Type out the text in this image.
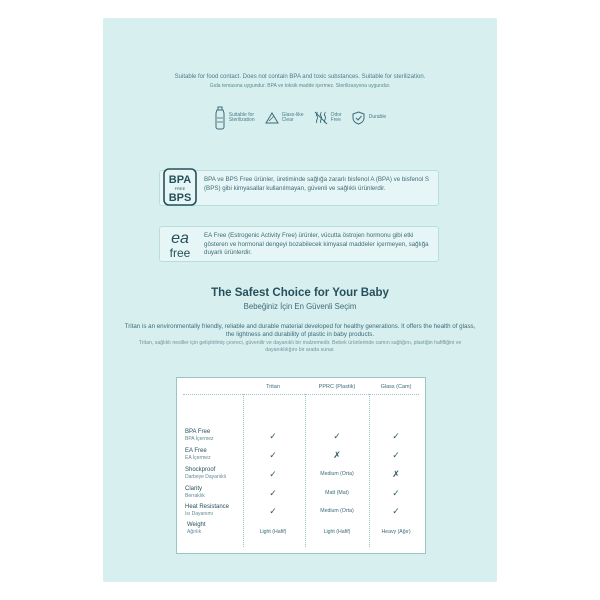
Suitable for food contact. Does not contain BPA and toxic substances. Suitable for sterilization.
Gıda temasına uygundur. BPA ve toksik madde içermez. Sterilizasyona uygundur.
Suitable for
Sterilization
Glass-like
Clear
Odor
Free	Durable
BPA
FREE
BPS
BPA ve BPS Free ürünler, üretiminde sağlığa zararlı bisfenol A (BPA) ve bisfenol S (BPS) gibi kimyasallar kullanılmayan, güvenli ve sağlıklı ürünlerdir.
ea
free
EA Free (Estrogenic Activity Free) ürünler, vücutta östrojen hormonu gibi etki gösteren ve hormonal dengeyi bozabilecek kimyasal maddeler içermeyen, sağlığa duyarlı ürünlerdir.
The Safest Choice for Your Baby
Bebeğiniz İçin En Güvenli Seçim
Tritan is an environmentally friendly, reliable and durable material developed for healthy generations. It offers the health of glass, the lightness and durability of plastic in baby products.
Tritan, sağlıklı nesiller için geliştirilmiş çevreci, güvenilir ve dayanıklı bir malzemedir. Bebek ürünlerinde camın sağlığını, plastiğin hafifliğini ve dayanıklılığını bir arada sunar.
Tritan	PPRC (Plastik)	Glass (Cam)
BPA Free
BPA İçermez	✓	✓	✓
EA Free
EA İçermez	✓	✗	✓
Shockproof
Darbeye Dayanıklı	✓	Medium (Orta)	✗
Clarity
Berraklık	✓	Matt (Mat)	✓
Heat Resistance
Isı Dayanımı	✓	Medium (Orta)	✓
Weight
Ağırlık	Light (Hafif)	Light (Hafif)	Heavy (Ağır)
